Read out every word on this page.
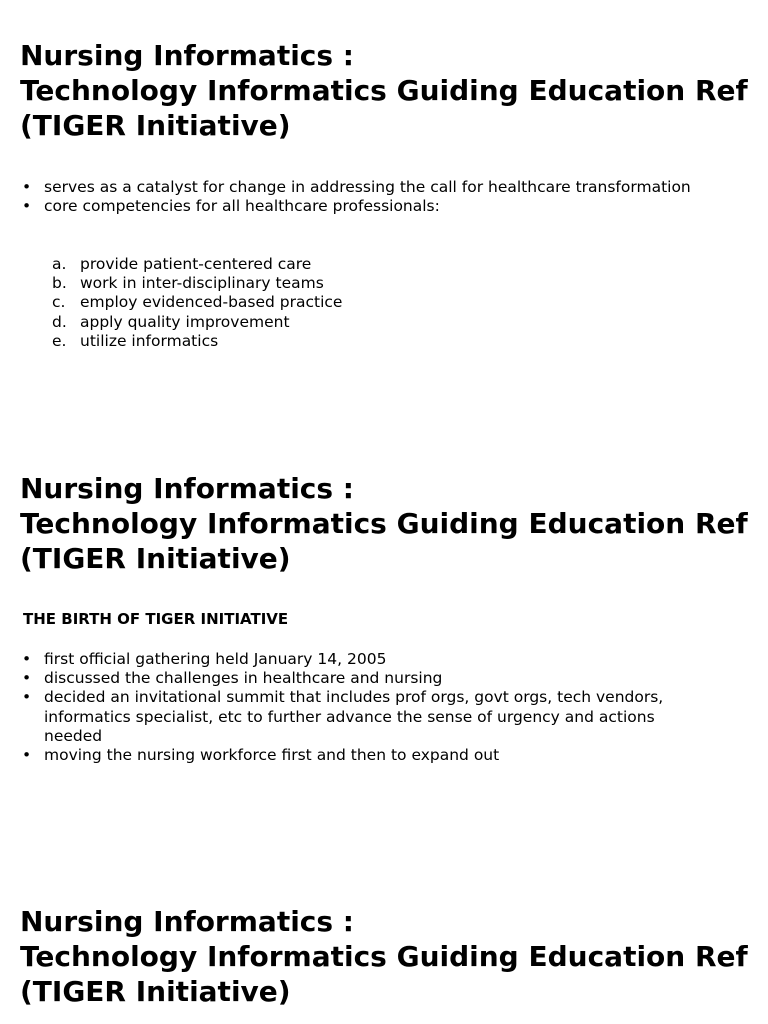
Nursing Informatics :
Technology Informatics Guiding Education Ref
(TIGER Initiative)
• serves as a catalyst for change in addressing the call for healthcare transformation
• core competencies for all healthcare professionals:
a. provide patient-centered care
b. work in inter-disciplinary teams
c. employ evidenced-based practice
d. apply quality improvement
e. utilize informatics
Nursing Informatics :
Technology Informatics Guiding Education Ref
(TIGER Initiative)
THE BIRTH OF TIGER INITIATIVE
• first official gathering held January 14, 2005
• discussed the challenges in healthcare and nursing
• decided an invitational summit that includes prof orgs, govt orgs, tech vendors, informatics specialist, etc to further advance the sense of urgency and actions needed
• moving the nursing workforce first and then to expand out
Nursing Informatics :
Technology Informatics Guiding Education Ref
(TIGER Initiative)
